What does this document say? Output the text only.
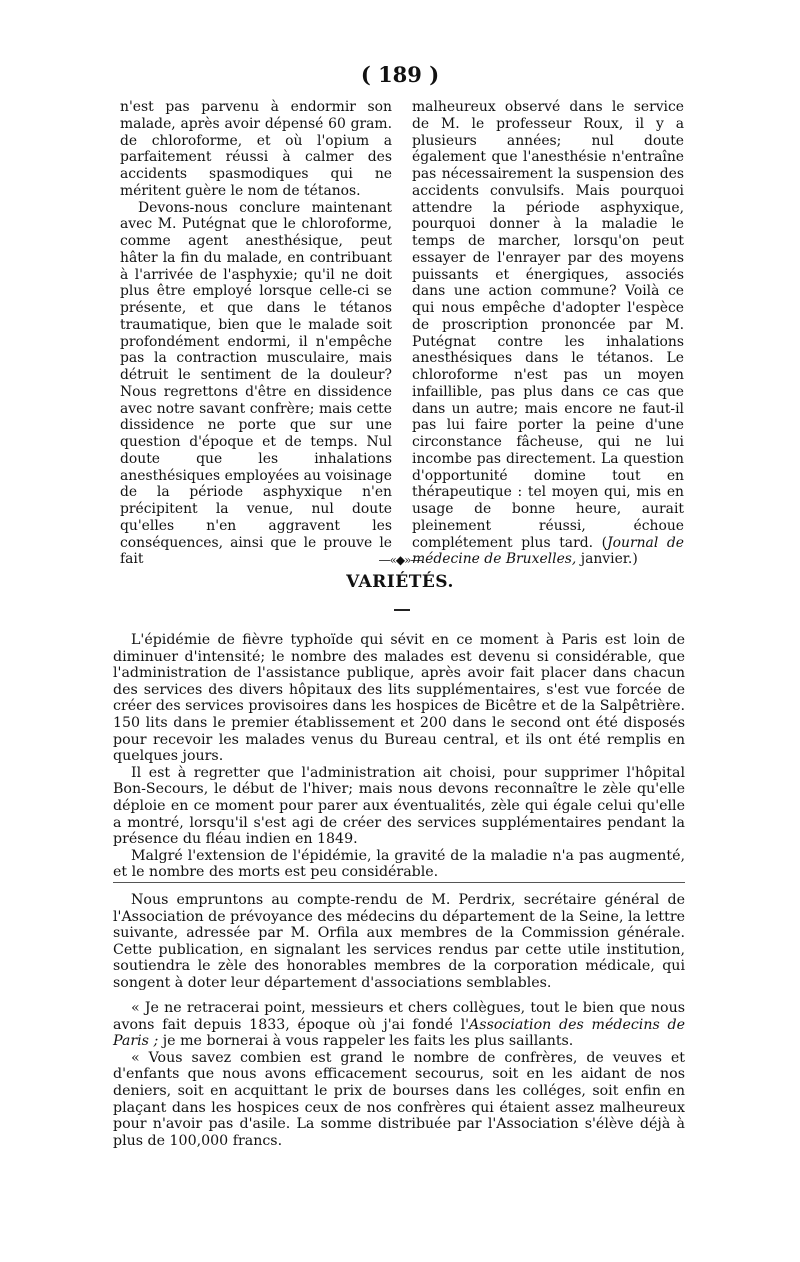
( 189 )

n'est pas parvenu à endormir son malade, après avoir dépensé 60 gram. de chloroforme, et où l'opium a parfaitement réussi à calmer des accidents spasmodiques qui ne méritent guère le nom de tétanos.

Devons-nous conclure maintenant avec M. Putégnat que le chloroforme, comme agent anesthésique, peut hâter la fin du malade, en contribuant à l'arrivée de l'asphyxie; qu'il ne doit plus être employé lorsque celle-ci se présente, et que dans le tétanos traumatique, bien que le malade soit profondément endormi, il n'empêche pas la contraction musculaire, mais détruit le sentiment de la douleur? Nous regrettons d'être en dissidence avec notre savant confrère; mais cette dissidence ne porte que sur une question d'époque et de temps. Nul doute que les inhalations anesthésiques employées au voisinage de la période asphyxique n'en précipitent la venue, nul doute qu'elles n'en aggravent les conséquences, ainsi que le prouve le fait

malheureux observé dans le service de M. le professeur Roux, il y a plusieurs années; nul doute également que l'anesthésie n'entraîne pas nécessairement la suspension des accidents convulsifs. Mais pourquoi attendre la période asphyxique, pourquoi donner à la maladie le temps de marcher, lorsqu'on peut essayer de l'enrayer par des moyens puissants et énergiques, associés dans une action commune? Voilà ce qui nous empêche d'adopter l'espèce de proscription prononcée par M. Putégnat contre les inhalations anesthésiques dans le tétanos. Le chloroforme n'est pas un moyen infaillible, pas plus dans ce cas que dans un autre; mais encore ne faut-il pas lui faire porter la peine d'une circonstance fâcheuse, qui ne lui incombe pas directement. La question d'opportunité domine tout en thérapeutique : tel moyen qui, mis en usage de bonne heure, aurait pleinement réussi, échoue complétement plus tard. (Journal de médecine de Bruxelles, janvier.)

—«◆»—
VARIÉTÉS.

L'épidémie de fièvre typhoïde qui sévit en ce moment à Paris est loin de diminuer d'intensité; le nombre des malades est devenu si considérable, que l'administration de l'assistance publique, après avoir fait placer dans chacun des services des divers hôpitaux des lits supplémentaires, s'est vue forcée de créer des services provisoires dans les hospices de Bicêtre et de la Salpêtrière. 150 lits dans le premier établissement et 200 dans le second ont été disposés pour recevoir les malades venus du Bureau central, et ils ont été remplis en quelques jours.

Il est à regretter que l'administration ait choisi, pour supprimer l'hôpital Bon-Secours, le début de l'hiver; mais nous devons reconnaître le zèle qu'elle déploie en ce moment pour parer aux éventualités, zèle qui égale celui qu'elle a montré, lorsqu'il s'est agi de créer des services supplémentaires pendant la présence du fléau indien en 1849.

Malgré l'extension de l'épidémie, la gravité de la maladie n'a pas augmenté, et le nombre des morts est peu considérable.

Nous empruntons au compte-rendu de M. Perdrix, secrétaire général de l'Association de prévoyance des médecins du département de la Seine, la lettre suivante, adressée par M. Orfila aux membres de la Commission générale. Cette publication, en signalant les services rendus par cette utile institution, soutiendra le zèle des honorables membres de la corporation médicale, qui songent à doter leur département d'associations semblables.

« Je ne retracerai point, messieurs et chers collègues, tout le bien que nous avons fait depuis 1833, époque où j'ai fondé l'Association des médecins de Paris ; je me bornerai à vous rappeler les faits les plus saillants.

« Vous savez combien est grand le nombre de confrères, de veuves et d'enfants que nous avons efficacement secourus, soit en les aidant de nos deniers, soit en acquittant le prix de bourses dans les colléges, soit enfin en plaçant dans les hospices ceux de nos confrères qui étaient assez malheureux pour n'avoir pas d'asile. La somme distribuée par l'Association s'élève déjà à plus de 100,000 francs.
